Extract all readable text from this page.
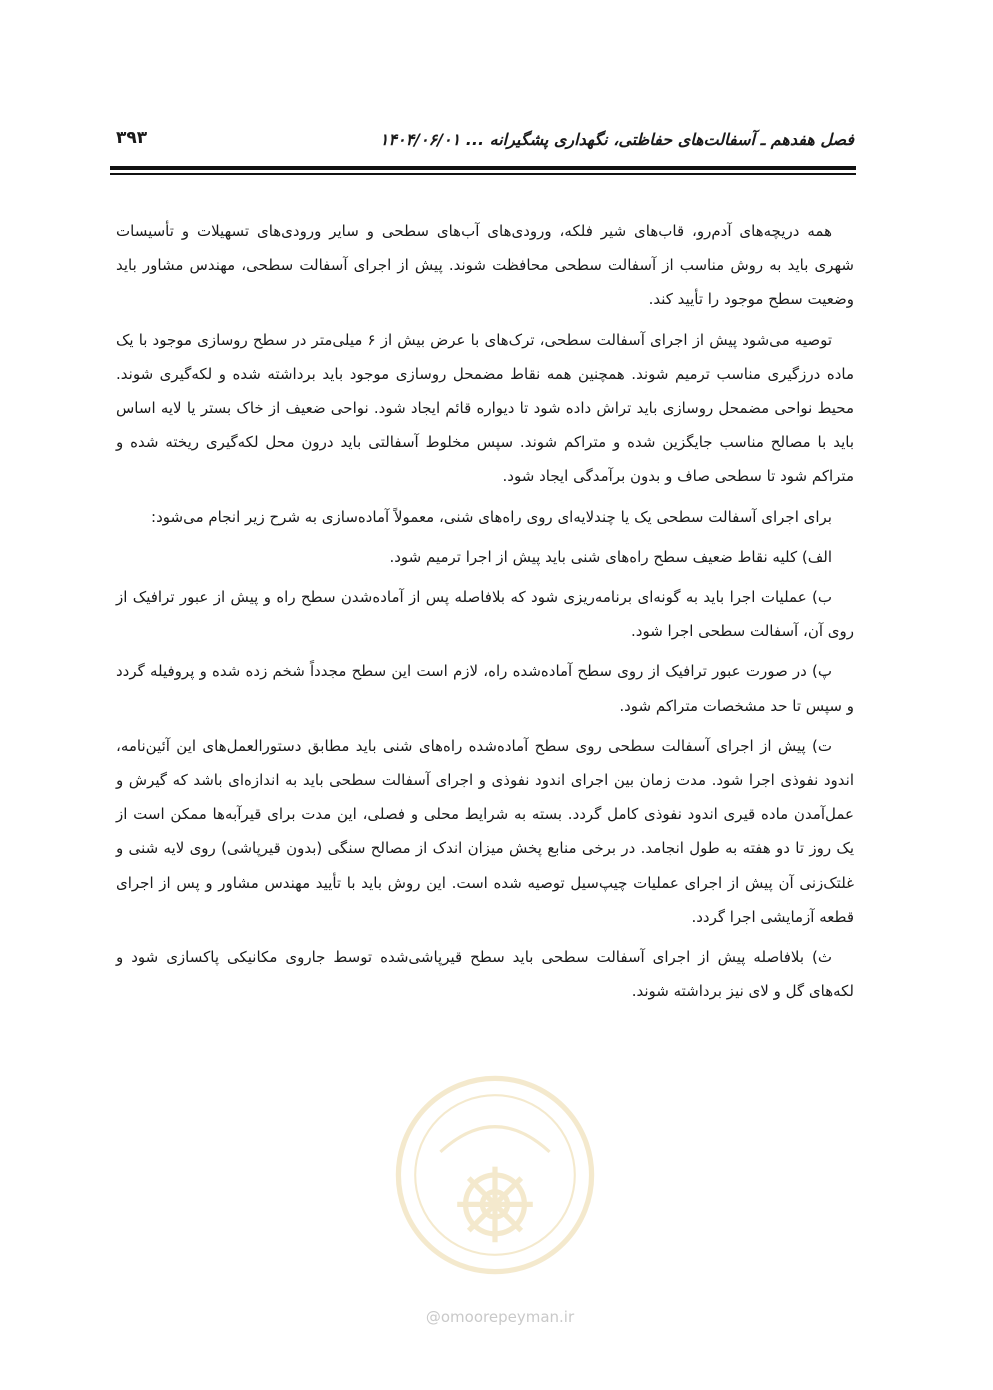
فصل هفدهم ـ آسفالت‌های حفاظتی، نگهداری پشگیرانه ... ۱۴۰۴/۰۶/۰۱
۳۹۳

همه دریچه‌های آدم‌رو، قاب‌های شیر فلکه، ورودی‌های آب‌های سطحی و سایر ورودی‌های تسهیلات و تأسیسات شهری باید به روش مناسب از آسفالت سطحی محافظت شوند. پیش از اجرای آسفالت سطحی، مهندس مشاور باید وضعیت سطح موجود را تأیید کند.

توصیه می‌شود پیش از اجرای آسفالت سطحی، ترک‌های با عرض بیش از ۶ میلی‌متر در سطح روسازی موجود با یک ماده درزگیری مناسب ترمیم شوند. همچنین همه نقاط مضمحل روسازی موجود باید برداشته شده و لکه‌گیری شوند. محیط نواحی مضمحل روسازی باید تراش داده شود تا دیواره قائم ایجاد شود. نواحی ضعیف از خاک بستر یا لایه اساس باید با مصالح مناسب جایگزین شده و متراکم شوند. سپس مخلوط آسفالتی باید درون محل لکه‌گیری ریخته شده و متراکم شود تا سطحی صاف و بدون برآمدگی ایجاد شود.

برای اجرای آسفالت سطحی یک یا چندلایه‌ای روی راه‌های شنی، معمولاً آماده‌سازی به شرح زیر انجام می‌شود:

الف) کلیه نقاط ضعیف سطح راه‌های شنی باید پیش از اجرا ترمیم شود.

ب) عملیات اجرا باید به گونه‌ای برنامه‌ریزی شود که بلافاصله پس از آماده‌شدن سطح راه و پیش از عبور ترافیک از روی آن، آسفالت سطحی اجرا شود.

پ) در صورت عبور ترافیک از روی سطح آماده‌شده راه، لازم است این سطح مجدداً شخم زده شده و پروفیله گردد و سپس تا حد مشخصات متراکم شود.

ت) پیش از اجرای آسفالت سطحی روی سطح آماده‌شده راه‌های شنی باید مطابق دستورالعمل‌های این آئین‌نامه، اندود نفوذی اجرا شود. مدت زمان بین اجرای اندود نفوذی و اجرای آسفالت سطحی باید به اندازه‌ای باشد که گیرش و عمل‌آمدن ماده قیری اندود نفوذی کامل گردد. بسته به شرایط محلی و فصلی، این مدت برای قیرآبه‌ها ممکن است از یک روز تا دو هفته به طول انجامد. در برخی منابع پخش میزان اندک از مصالح سنگی (بدون قیرپاشی) روی لایه شنی و غلتک‌زنی آن پیش از اجرای عملیات چیپ‌سیل توصیه شده است. این روش باید با تأیید مهندس مشاور و پس از اجرای قطعه آزمایشی اجرا گردد.

ث) بلافاصله پیش از اجرای آسفالت سطحی باید سطح قیرپاشی‌شده توسط جاروی مکانیکی پاکسازی شود و لکه‌های گل و لای نیز برداشته شوند.

@omoorepeyman.ir
